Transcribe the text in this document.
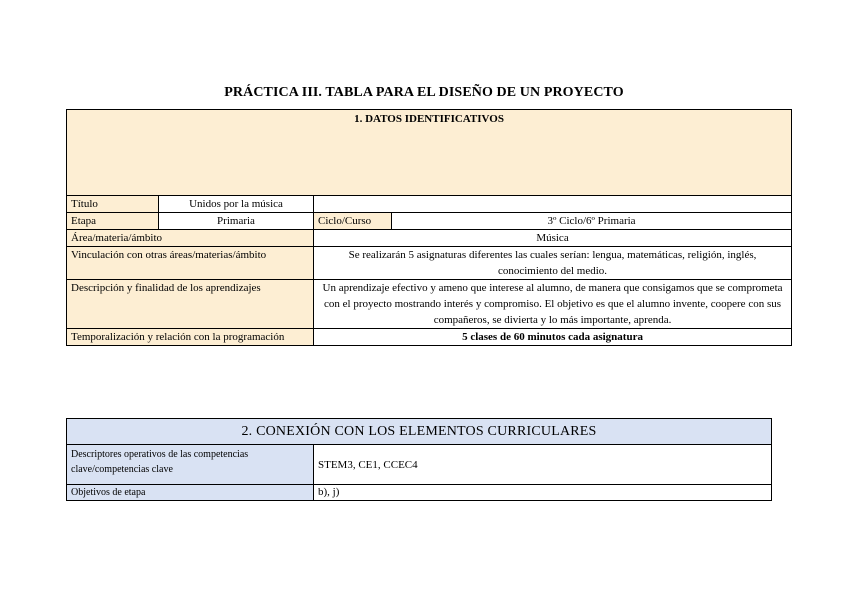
PRÁCTICA III. TABLA PARA EL DISEÑO DE UN PROYECTO
1. DATOS IDENTIFICATIVOS			
Título	Unidos por la música		
Etapa	Primaria	Ciclo/Curso	3º Ciclo/6º Primaria
Área/materia/ámbito		Música	
Vinculación con otras áreas/materias/ámbito		Se realizarán 5 asignaturas diferentes las cuales serían: lengua, matemáticas, religión, inglés, conocimiento del medio.	
Descripción y finalidad de los aprendizajes		Un aprendizaje efectivo y ameno que interese al alumno, de manera que consigamos que se comprometa con el proyecto mostrando interés y compromiso. El objetivo es que el alumno invente, coopere con sus compañeros, se divierta y lo más importante, aprenda.	
Temporalización y relación con la programación		5 clases de 60 minutos cada asignatura	
2. CONEXIÓN CON LOS ELEMENTOS CURRICULARES	
Descriptores operativos de las competencias clave/competencias clave	STEM3, CE1, CCEC4
Objetivos de etapa	b), j)
